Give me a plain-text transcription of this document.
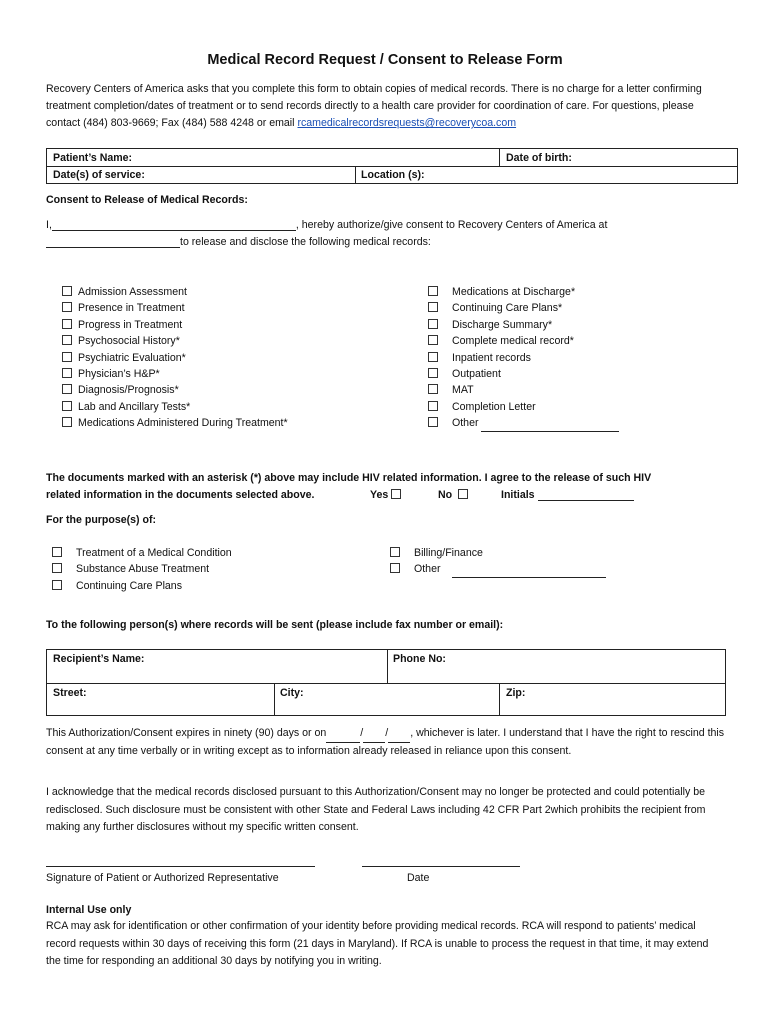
Medical Record Request / Consent to Release Form
Recovery Centers of America asks that you complete this form to obtain copies of medical records. There is no charge for a letter confirming treatment completion/dates of treatment or to send records directly to a health care provider for coordination of care. For questions, please contact (484) 803-9669; Fax (484) 588 4248 or email rcamedicalrecordsrequests@recoverycoa.com
Patient’s Name:	Date of birth:
Date(s) of service:	Location (s):
Consent to Release of Medical Records:
I,	, hereby authorize/give consent to Recovery Centers of America at
to release and disclose the following medical records:
Admission Assessment
Presence in Treatment
Progress in Treatment
Psychosocial History*
Psychiatric Evaluation*
Physician’s H&P*
Diagnosis/Prognosis*
Lab and Ancillary Tests*
Medications Administered During Treatment*
Medications at Discharge*
Continuing Care Plans*
Discharge Summary*
Complete medical record*
Inpatient records
Outpatient
MAT
Completion Letter
Other
The documents marked with an asterisk (*) above may include HIV related information. I agree to the release of such HIV
related information in the documents selected above.	Yes	No	Initials
For the purpose(s) of:
Treatment of a Medical Condition
Substance Abuse Treatment
Continuing Care Plans
Billing/Finance
Other
To the following person(s) where records will be sent (please include fax number or email):
Recipient’s Name:	Phone No:
Street:	City:	Zip:
This Authorization/Consent expires in ninety (90) days or on	/ / , whichever is later. I understand that I have the right to rescind this consent at any time verbally or in writing except as to information already released in reliance upon this consent.
I acknowledge that the medical records disclosed pursuant to this Authorization/Consent may no longer be protected and could potentially be redisclosed. Such disclosure must be consistent with other State and Federal Laws including 42 CFR Part 2which prohibits the recipient from making any further disclosures without my specific written consent.
Signature of Patient or Authorized Representative	Date
Internal Use only
RCA may ask for identification or other confirmation of your identity before providing medical records. RCA will respond to patients’ medical record requests within 30 days of receiving this form (21 days in Maryland). If RCA is unable to process the request in that time, it may extend the time for responding an additional 30 days by notifying you in writing.
